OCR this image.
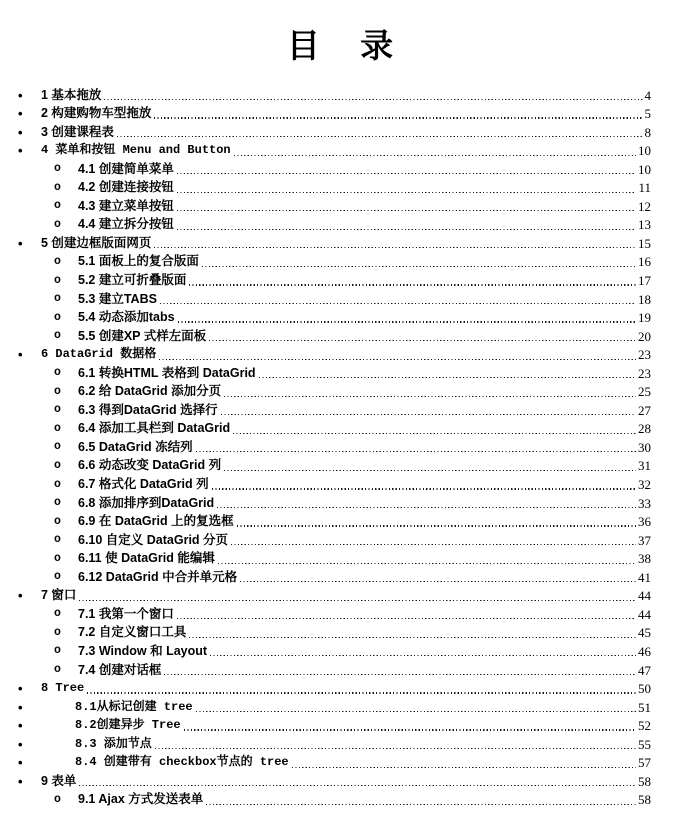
目 录
• 1 基本拖放	4
• 2 构建购物车型拖放	5
• 3 创建课程表	8
• 4 菜单和按钮 Menu and Button	10
o 4.1 创建简单菜单	10
o 4.2 创建连接按钮	11
o 4.3 建立菜单按钮	12
o 4.4 建立拆分按钮	13
• 5 创建边框版面网页	15
o 5.1 面板上的复合版面	16
o 5.2 建立可折叠版面	17
o 5.3 建立TABS	18
o 5.4 动态添加tabs	19
o 5.5 创建XP 式样左面板	20
• 6 DataGrid 数据格	23
o 6.1 转换HTML 表格到 DataGrid	23
o 6.2 给 DataGrid 添加分页	25
o 6.3 得到DataGrid 选择行	27
o 6.4 添加工具栏到 DataGrid	28
o 6.5 DataGrid 冻结列	30
o 6.6 动态改变 DataGrid 列	31
o 6.7 格式化 DataGrid 列	32
o 6.8 添加排序到DataGrid	33
o 6.9 在 DataGrid 上的复选框	36
o 6.10 自定义 DataGrid 分页	37
o 6.11 使 DataGrid 能编辑	38
o 6.12 DataGrid 中合并单元格	41
• 7 窗口	44
o 7.1 我第一个窗口	44
o 7.2 自定义窗口工具	45
o 7.3 Window 和 Layout	46
o 7.4 创建对话框	47
• 8 Tree	50
•	8.1从标记创建 tree	51
•	8.2创建异步 Tree	52
•	8.3 添加节点	55
•	8.4 创建带有 checkbox节点的 tree	57
• 9 表单	58
o 9.1 Ajax 方式发送表单	58
